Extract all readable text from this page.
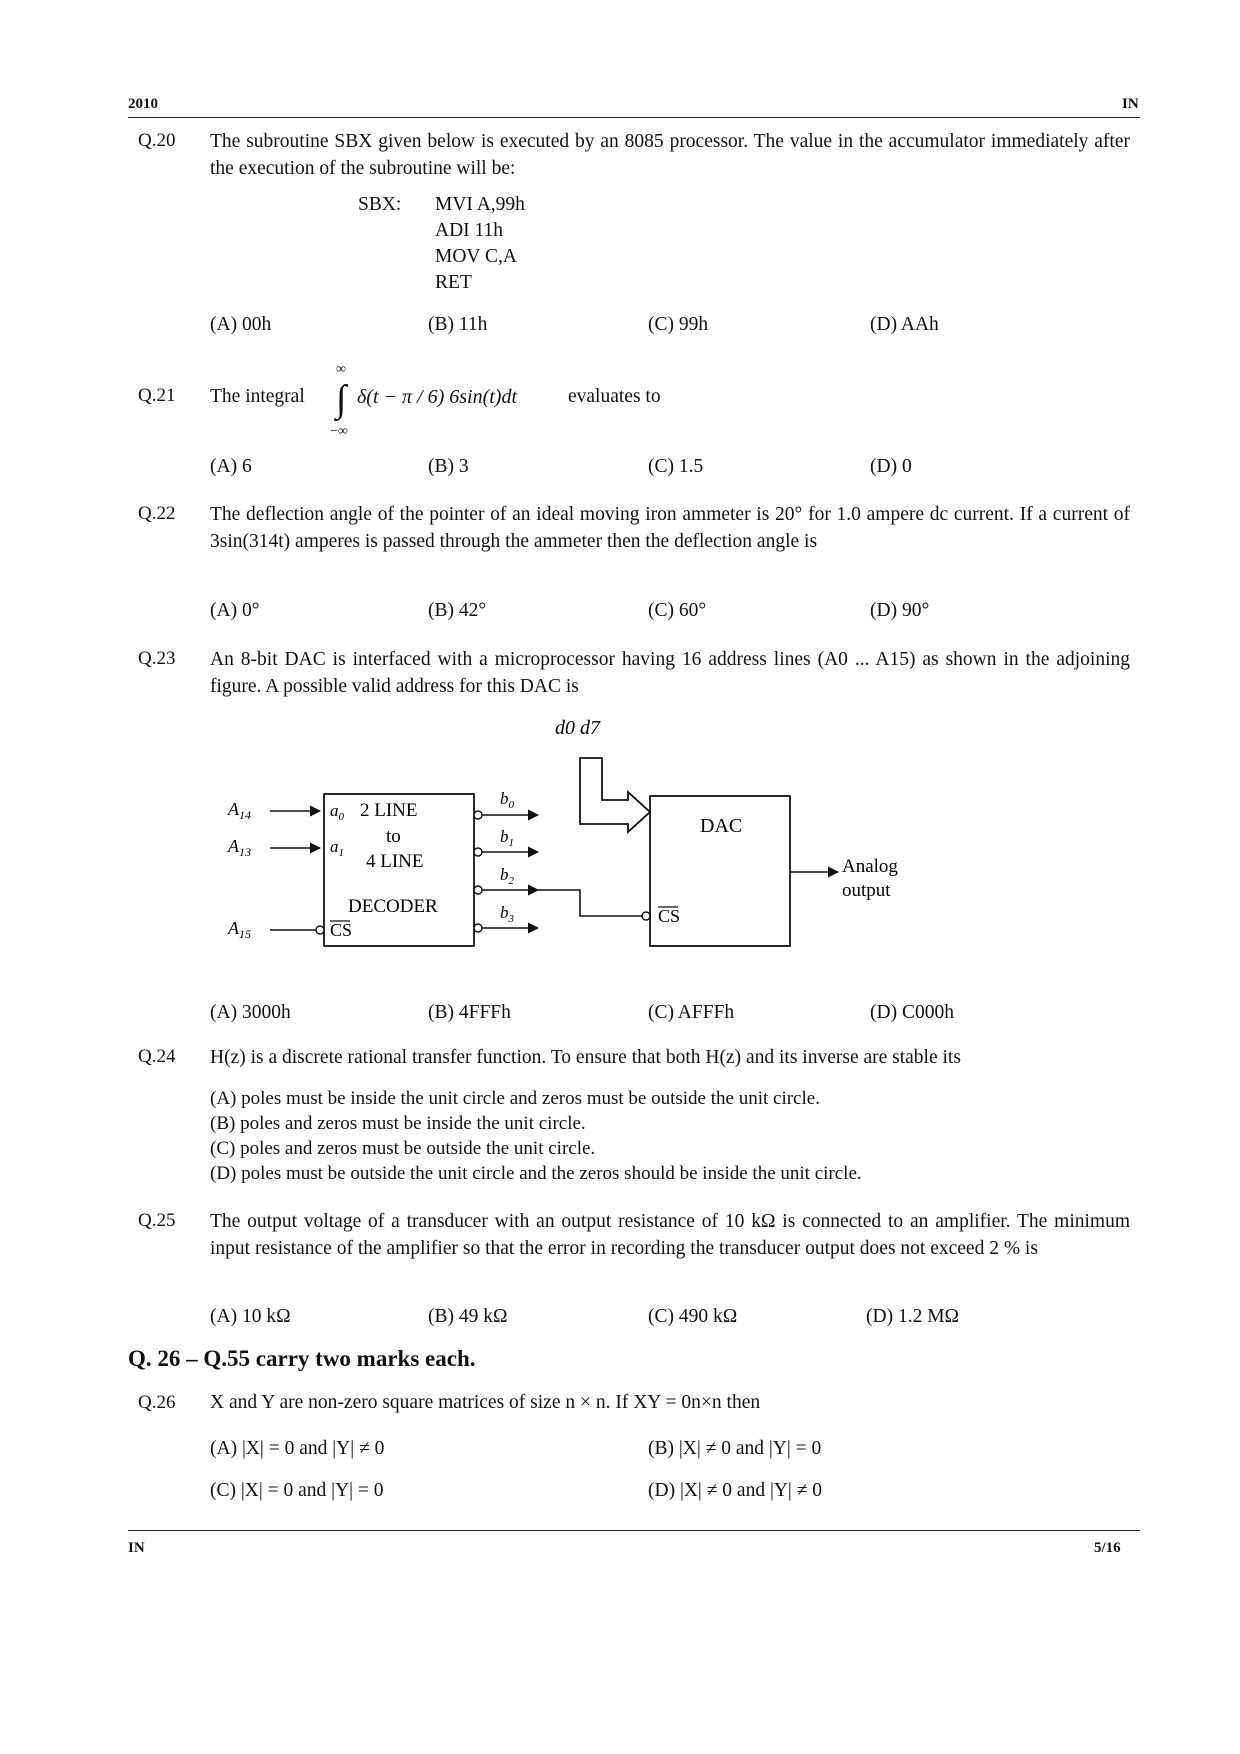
2010	IN
Q.20 The subroutine SBX given below is executed by an 8085 processor. The value in the accumulator immediately after the execution of the subroutine will be:
SBX: MVI A,99h
ADI 11h
MOV C,A
RET
(A) 00h	(B) 11h	(C) 99h	(D) AAh
Q.21 The integral
∞
∫
−∞
δ(t − π / 6) 6sin(t)dt	evaluates to
(A) 6	(B) 3	(C) 1.5	(D) 0
Q.22 The deflection angle of the pointer of an ideal moving iron ammeter is 20° for 1.0 ampere dc current. If a current of 3sin(314t) amperes is passed through the ammeter then the deflection angle is
(A) 0°	(B) 42°	(C) 60°	(D) 90°
Q.23 An 8-bit DAC is interfaced with a microprocessor having 16 address lines (A0 ... A15) as shown in the adjoining figure. A possible valid address for this DAC is
d0 d7
$A_{14}$
$A_{13}$
$A_{15}$
$a_0$
$a_1$
2 LINE
to
4 LINE
DECODER
CS
$b_0$
$b_1$
$b_2$
$b_3$
DAC
CS
Analog
output
(A) 3000h	(B) 4FFFh	(C) AFFFh	(D) C000h
Q.24 H(z) is a discrete rational transfer function. To ensure that both H(z) and its inverse are stable its
(A) poles must be inside the unit circle and zeros must be outside the unit circle.
(B) poles and zeros must be inside the unit circle.
(C) poles and zeros must be outside the unit circle.
(D) poles must be outside the unit circle and the zeros should be inside the unit circle.
Q.25 The output voltage of a transducer with an output resistance of 10 kΩ is connected to an amplifier. The minimum input resistance of the amplifier so that the error in recording the transducer output does not exceed 2 % is
(A) 10 kΩ	(B) 49 kΩ	(C) 490 kΩ	(D) 1.2 MΩ
Q. 26 – Q.55 carry two marks each.
Q.26 X and Y are non-zero square matrices of size n × n. If XY = 0n×n then
(A) |X| = 0 and |Y| ≠ 0	(B) |X| ≠ 0 and |Y| = 0
(C) |X| = 0 and |Y| = 0	(D) |X| ≠ 0 and |Y| ≠ 0
IN	5/16
